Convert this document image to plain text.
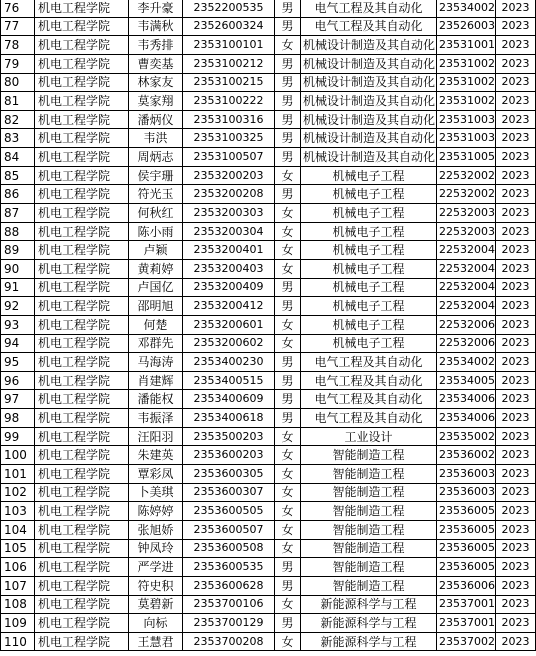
76	机电工程学院	李升豪	2352200535	男	电气工程及其自动化	23534002	2023
77	机电工程学院	韦满秋	2352600324	男	电气工程及其自动化	23526003	2023
78	机电工程学院	韦秀排	2353100101	女	机械设计制造及其自动化	23531001	2023
79	机电工程学院	曹奕基	2353100212	男	机械设计制造及其自动化	23531002	2023
80	机电工程学院	林家友	2353100215	男	机械设计制造及其自动化	23531002	2023
81	机电工程学院	莫家翔	2353100222	男	机械设计制造及其自动化	23531002	2023
82	机电工程学院	潘炳仪	2353100316	男	机械设计制造及其自动化	23531003	2023
83	机电工程学院	韦洪	2353100325	男	机械设计制造及其自动化	23531003	2023
84	机电工程学院	周炳志	2353100507	男	机械设计制造及其自动化	23531005	2023
85	机电工程学院	侯宇珊	2353200203	女	机械电子工程	22532002	2023
86	机电工程学院	符光玉	2353200208	男	机械电子工程	22532002	2023
87	机电工程学院	何秋红	2353200303	女	机械电子工程	22532003	2023
88	机电工程学院	陈小雨	2353200304	女	机械电子工程	22532003	2023
89	机电工程学院	卢颖	2353200401	女	机械电子工程	22532004	2023
90	机电工程学院	黄莉婷	2353200403	女	机械电子工程	22532004	2023
91	机电工程学院	卢国亿	2353200409	男	机械电子工程	22532004	2023
92	机电工程学院	邵明旭	2353200412	男	机械电子工程	22532004	2023
93	机电工程学院	何楚	2353200601	女	机械电子工程	22532006	2023
94	机电工程学院	邓群先	2353200602	女	机械电子工程	22532006	2023
95	机电工程学院	马海涛	2353400230	男	电气工程及其自动化	23534002	2023
96	机电工程学院	肖建辉	2353400515	男	电气工程及其自动化	23534005	2023
97	机电工程学院	潘能权	2353400609	男	电气工程及其自动化	23534006	2023
98	机电工程学院	韦振泽	2353400618	男	电气工程及其自动化	23534006	2023
99	机电工程学院	汪阳羽	2353500203	女	工业设计	23535002	2023
100	机电工程学院	朱建英	2353600203	女	智能制造工程	23536002	2023
101	机电工程学院	覃彩凤	2353600305	女	智能制造工程	23536003	2023
102	机电工程学院	卜美琪	2353600307	女	智能制造工程	23536003	2023
103	机电工程学院	陈婷婷	2353600505	女	智能制造工程	23536005	2023
104	机电工程学院	张旭娇	2353600507	女	智能制造工程	23536005	2023
105	机电工程学院	钟凤玲	2353600508	女	智能制造工程	23536005	2023
106	机电工程学院	严学进	2353600535	男	智能制造工程	23536005	2023
107	机电工程学院	符史积	2353600628	男	智能制造工程	23536006	2023
108	机电工程学院	莫碧新	2353700106	女	新能源科学与工程	23537001	2023
109	机电工程学院	向标	2353700129	男	新能源科学与工程	23537001	2023
110	机电工程学院	王慧君	2353700208	女	新能源科学与工程	23537002	2023
